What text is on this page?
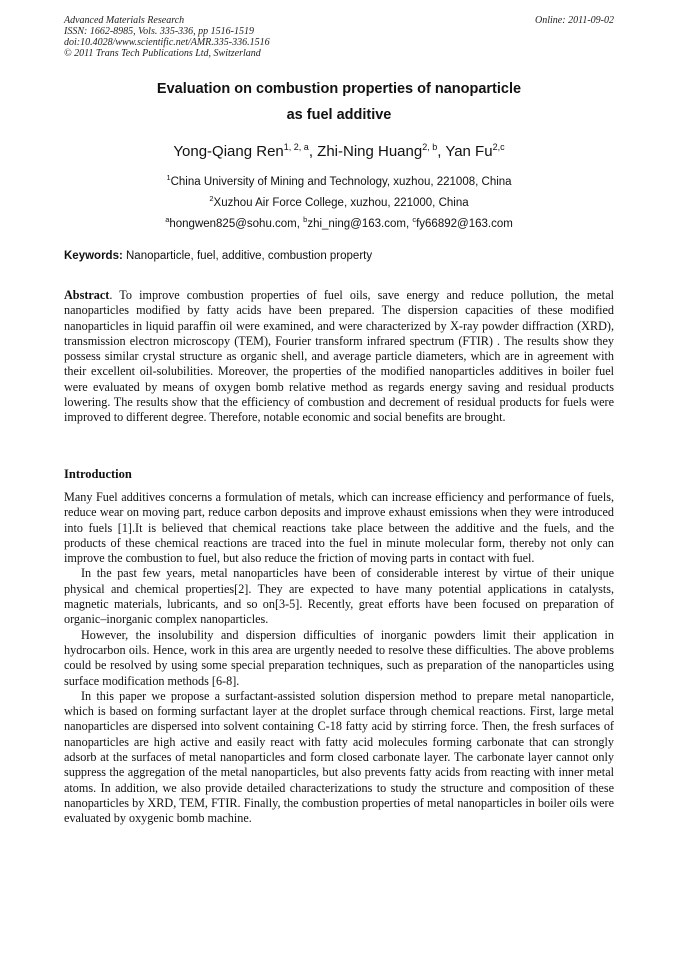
Advanced Materials Research
ISSN: 1662-8985, Vols. 335-336, pp 1516-1519
doi:10.4028/www.scientific.net/AMR.335-336.1516
© 2011 Trans Tech Publications Ltd, Switzerland
Online: 2011-09-02
Evaluation on combustion properties of nanoparticle
as fuel additive
Yong-Qiang Ren$^{1, 2, a}$, Zhi-Ning Huang$^{2, b}$, Yan Fu$^{2,c}$
$^1$China University of Mining and Technology, xuzhou, 221008, China
$^2$Xuzhou Air Force College, xuzhou, 221000, China
$^a$hongwen825@sohu.com, $^b$zhi_ning@163.com, $^c$fy66892@163.com
Keywords: Nanoparticle, fuel, additive, combustion property
Abstract. To improve combustion properties of fuel oils, save energy and reduce pollution, the metal nanoparticles modified by fatty acids have been prepared. The dispersion capacities of these modified nanoparticles in liquid paraffin oil were examined, and were characterized by X-ray powder diffraction (XRD), transmission electron microscopy (TEM), Fourier transform infrared spectrum (FTIR) . The results show they possess similar crystal structure as organic shell, and average particle diameters, which are in agreement with their excellent oil-solubilities. Moreover, the properties of the modified nanoparticles additives in boiler fuel were evaluated by means of oxygen bomb relative method as regards energy saving and residual products lowering. The results show that the efficiency of combustion and decrement of residual products for fuels were improved to different degree. Therefore, notable economic and social benefits are brought.
Introduction

Many Fuel additives concerns a formulation of metals, which can increase efficiency and performance of fuels, reduce wear on moving part, reduce carbon deposits and improve exhaust emissions when they were introduced into fuels [1].It is believed that chemical reactions take place between the additive and the fuels, and the products of these chemical reactions are traced into the fuel in minute molecular form, thereby not only can improve the combustion to fuel, but also reduce the friction of moving parts in contact with fuel.

In the past few years, metal nanoparticles have been of considerable interest by virtue of their unique physical and chemical properties[2]. They are expected to have many potential applications in catalysts, magnetic materials, lubricants, and so on[3-5]. Recently, great efforts have been focused on preparation of organic–inorganic complex nanoparticles.

However, the insolubility and dispersion difficulties of inorganic powders limit their application in hydrocarbon oils. Hence, work in this area are urgently needed to resolve these difficulties. The above problems could be resolved by using some special preparation techniques, such as preparation of the nanoparticles using surface modification methods [6-8].

In this paper we propose a surfactant-assisted solution dispersion method to prepare metal nanoparticle, which is based on forming surfactant layer at the droplet surface through chemical reactions. First, large metal nanoparticles are dispersed into solvent containing C-18 fatty acid by stirring force. Then, the fresh surfaces of nanoparticles are high active and easily react with fatty acid molecules forming carbonate that can strongly adsorb at the surfaces of metal nanoparticles and form closed carbonate layer. The carbonate layer cannot only suppress the aggregation of the metal nanoparticles, but also prevents fatty acids from reacting with inner metal atoms. In addition, we also provide detailed characterizations to study the structure and composition of these nanoparticles by XRD, TEM, FTIR. Finally, the combustion properties of metal nanoparticles in boiler oils were evaluated by oxygenic bomb machine.
